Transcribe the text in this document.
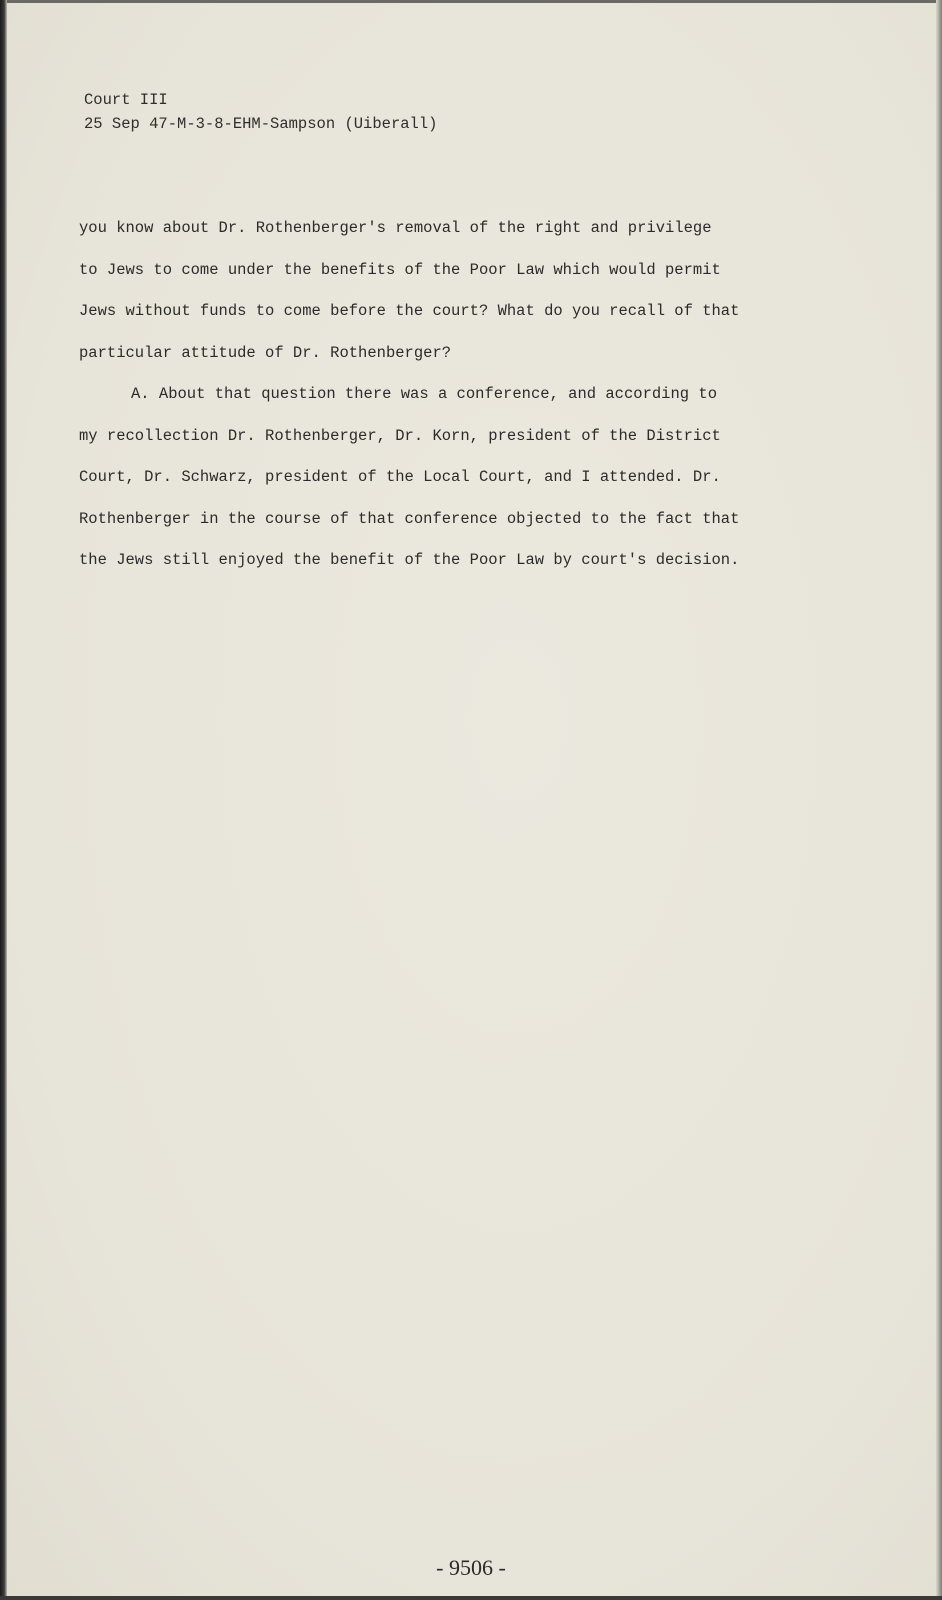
Court III
25 Sep 47-M-3-8-EHM-Sampson (Uiberall)

you know about Dr. Rothenberger's removal of the right and privilege

to Jews to come under the benefits of the Poor Law which would permit

Jews without funds to come before the court? What do you recall of that

particular attitude of Dr. Rothenberger?

A. About that question there was a conference, and according to

my recollection Dr. Rothenberger, Dr. Korn, president of the District

Court, Dr. Schwarz, president of the Local Court, and I attended. Dr.

Rothenberger in the course of that conference objected to the fact that

the Jews still enjoyed the benefit of the Poor Law by court's decision.

- 9506 -
